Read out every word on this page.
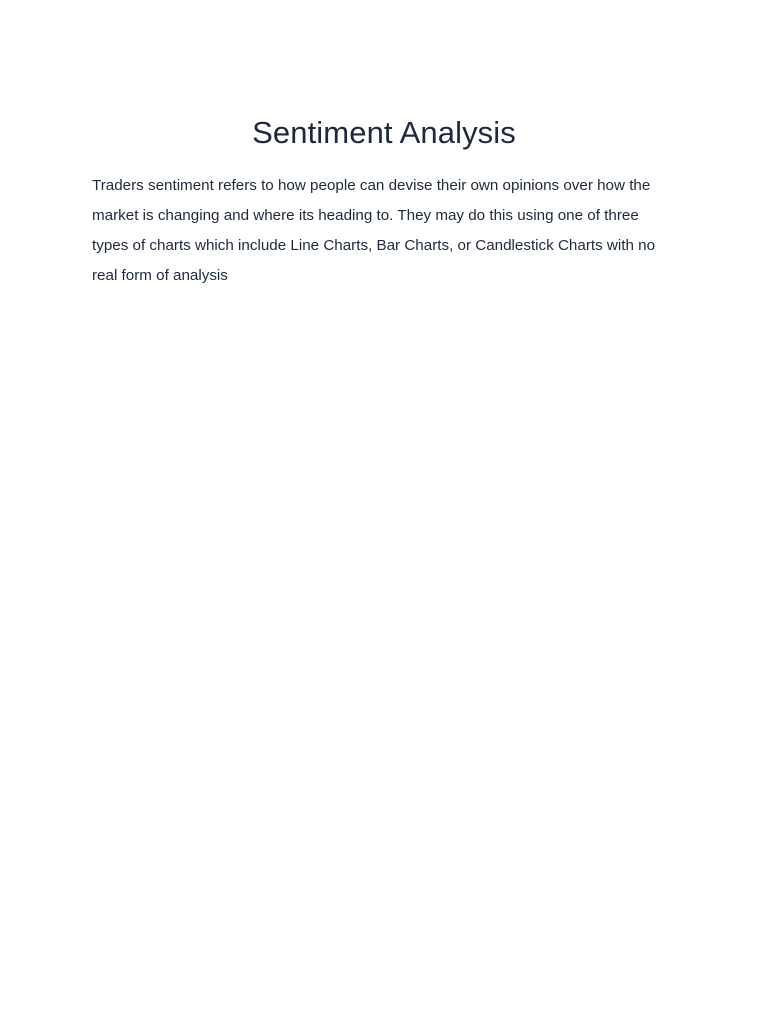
Sentiment Analysis

Traders sentiment refers to how people can devise their own opinions over how the market is changing and where its heading to. They may do this using one of three types of charts which include Line Charts, Bar Charts, or Candlestick Charts with no real form of analysis
